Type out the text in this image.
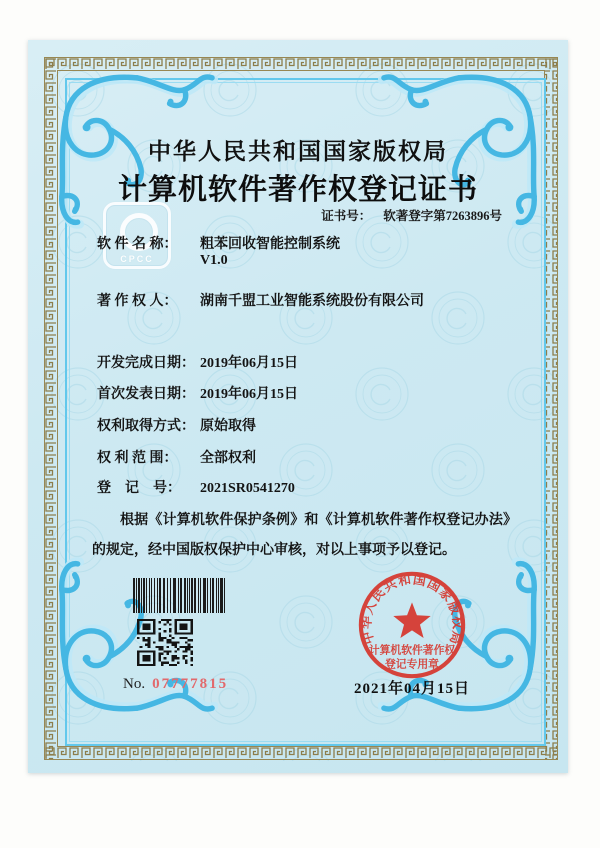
CPCC
中华人民共和国国家版权局
计算机软件著作权登记证书
证书号： 软著登字第7263896号
软 件 名 称： 粗苯回收智能控制系统
V1.0
著 作 权 人： 湖南千盟工业智能系统股份有限公司
开发完成日期： 2019年06月15日
首次发表日期： 2019年06月15日
权利取得方式： 原始取得
权 利 范 围： 全部权利
登　记　号： 2021SR0541270
根据《计算机软件保护条例》和《计算机软件著作权登记办法》的规定，经中国版权保护中心审核，对以上事项予以登记。
No. 07777815	2021年04月15日
中华人民共和国国家版权局
计算机软件著作权
登记专用章
